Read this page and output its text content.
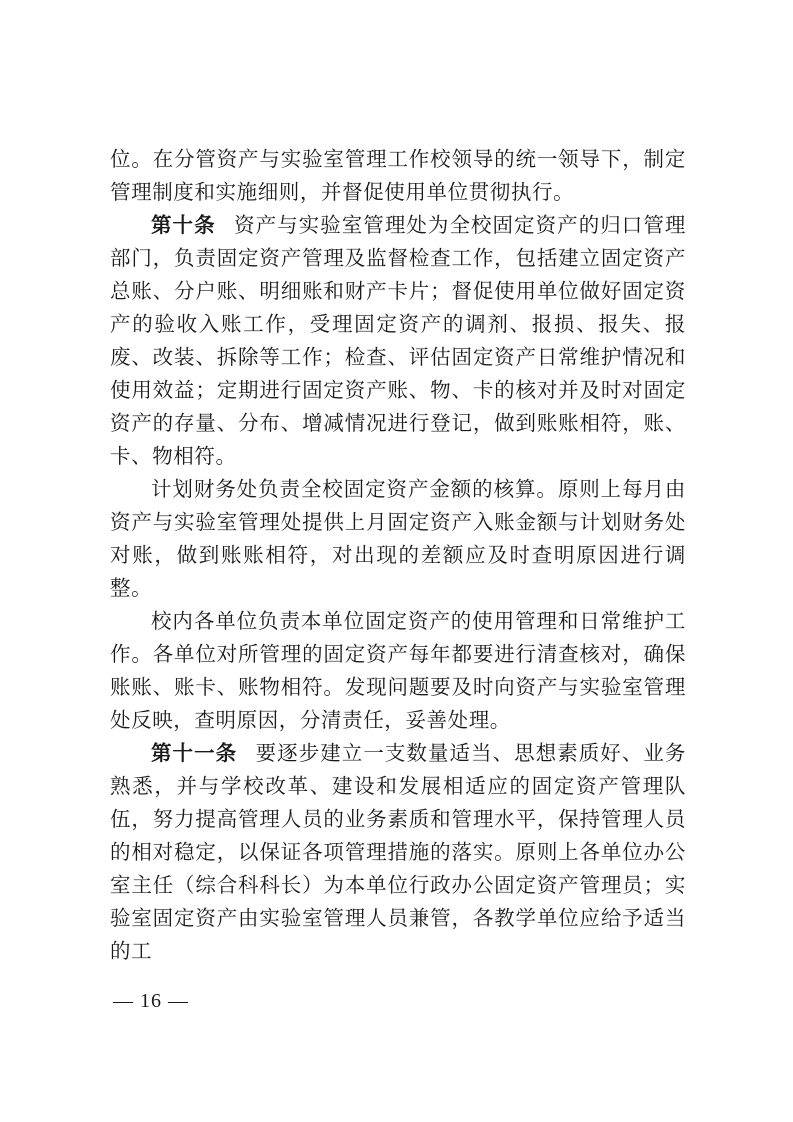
位。在分管资产与实验室管理工作校领导的统一领导下，制定管理制度和实施细则，并督促使用单位贯彻执行。

第十条 资产与实验室管理处为全校固定资产的归口管理部门，负责固定资产管理及监督检查工作，包括建立固定资产总账、分户账、明细账和财产卡片；督促使用单位做好固定资产的验收入账工作，受理固定资产的调剂、报损、报失、报废、改装、拆除等工作；检查、评估固定资产日常维护情况和使用效益；定期进行固定资产账、物、卡的核对并及时对固定资产的存量、分布、增减情况进行登记，做到账账相符，账、卡、物相符。

计划财务处负责全校固定资产金额的核算。原则上每月由资产与实验室管理处提供上月固定资产入账金额与计划财务处对账，做到账账相符，对出现的差额应及时查明原因进行调整。

校内各单位负责本单位固定资产的使用管理和日常维护工作。各单位对所管理的固定资产每年都要进行清查核对，确保账账、账卡、账物相符。发现问题要及时向资产与实验室管理处反映，查明原因，分清责任，妥善处理。

第十一条 要逐步建立一支数量适当、思想素质好、业务熟悉，并与学校改革、建设和发展相适应的固定资产管理队伍，努力提高管理人员的业务素质和管理水平，保持管理人员的相对稳定，以保证各项管理措施的落实。原则上各单位办公室主任（综合科科长）为本单位行政办公固定资产管理员；实验室固定资产由实验室管理人员兼管，各教学单位应给予适当的工

— 16 —
